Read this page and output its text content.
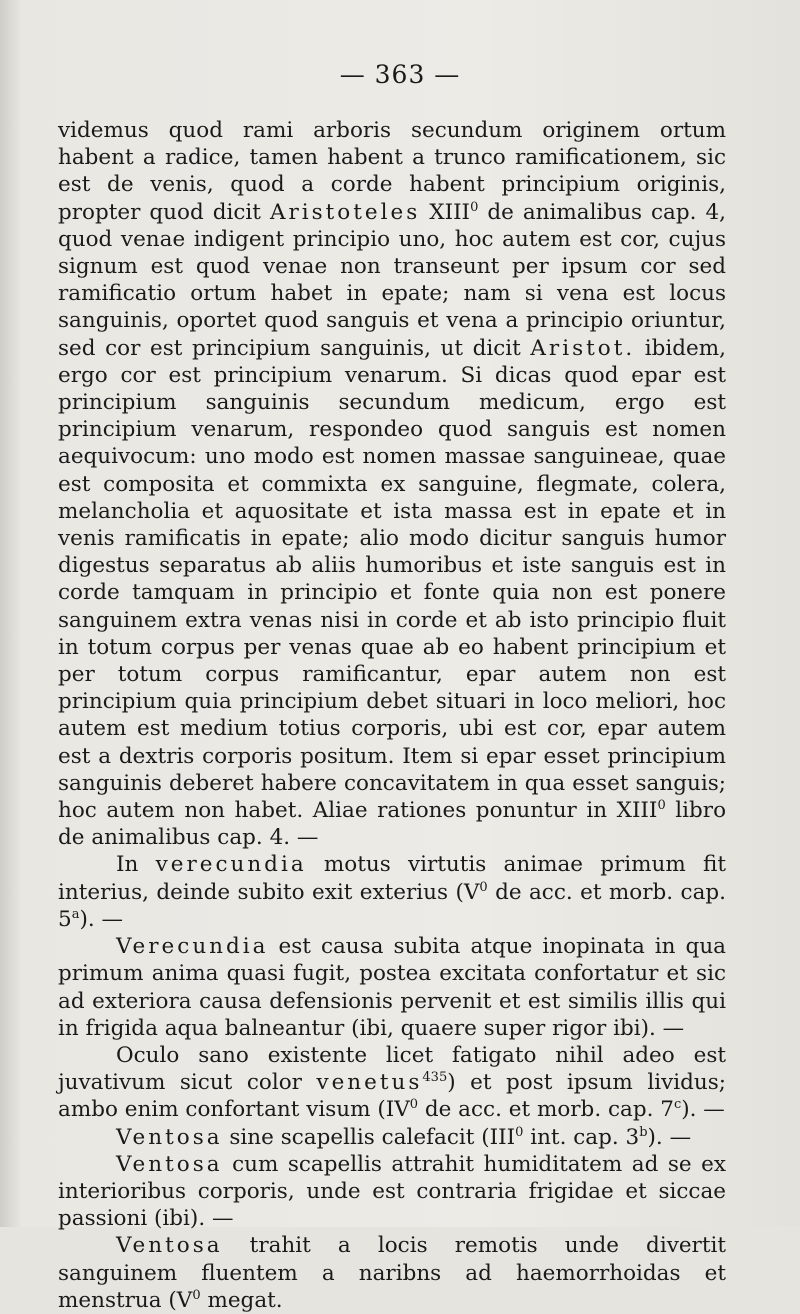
— 363 —

videmus quod rami arboris secundum originem ortum habent a radice, tamen habent a trunco ramificationem, sic est de venis, quod a corde habent principium originis, propter quod dicit Aristoteles XIII$^0$ de animalibus cap. 4, quod venae indigent principio uno, hoc autem est cor, cujus signum est quod venae non transeunt per ipsum cor sed ramificatio ortum habet in epate; nam si vena est locus sanguinis, oportet quod sanguis et vena a principio oriuntur, sed cor est principium sanguinis, ut dicit Aristot. ibidem, ergo cor est principium venarum. Si dicas quod epar est principium sanguinis secundum medicum, ergo est principium venarum, respondeo quod sanguis est nomen aequivocum: uno modo est nomen massae sanguineae, quae est composita et commixta ex sanguine, flegmate, colera, melancholia et aquositate et ista massa est in epate et in venis ramificatis in epate; alio modo dicitur sanguis humor digestus separatus ab aliis humoribus et iste sanguis est in corde tamquam in principio et fonte quia non est ponere sanguinem extra venas nisi in corde et ab isto principio fluit in totum corpus per venas quae ab eo habent principium et per totum corpus ramificantur, epar autem non est principium quia principium debet situari in loco meliori, hoc autem est medium totius corporis, ubi est cor, epar autem est a dextris corporis positum. Item si epar esset principium sanguinis deberet habere concavitatem in qua esset sanguis; hoc autem non habet. Aliae rationes ponuntur in XIII$^0$ libro de animalibus cap. 4. —

In verecundia motus virtutis animae primum fit interius, deinde subito exit exterius ($V^0$ de acc. et morb. cap. 5$^a$). —

Verecundia est causa subita atque inopinata in qua primum anima quasi fugit, postea excitata confortatur et sic ad exteriora causa defensionis pervenit et est similis illis qui in frigida aqua balneantur (ibi, quaere super rigor ibi). —

Oculo sano existente licet fatigato nihil adeo est juvativum sicut color venetus$^{435}$) et post ipsum lividus; ambo enim confortant visum ($IV^0$ de acc. et morb. cap. 7$^c$). —

Ventosa sine scapellis calefacit (III$^0$ int. cap. 3$^b$). —

Ventosa cum scapellis attrahit humiditatem ad se ex interioribus corporis, unde est contraria frigidae et siccae passioni (ibi). —

Ventosa trahit a locis remotis unde divertit sanguinem fluentem a naribns ad haemorrhoidas et menstrua ($V^0$ megat.
